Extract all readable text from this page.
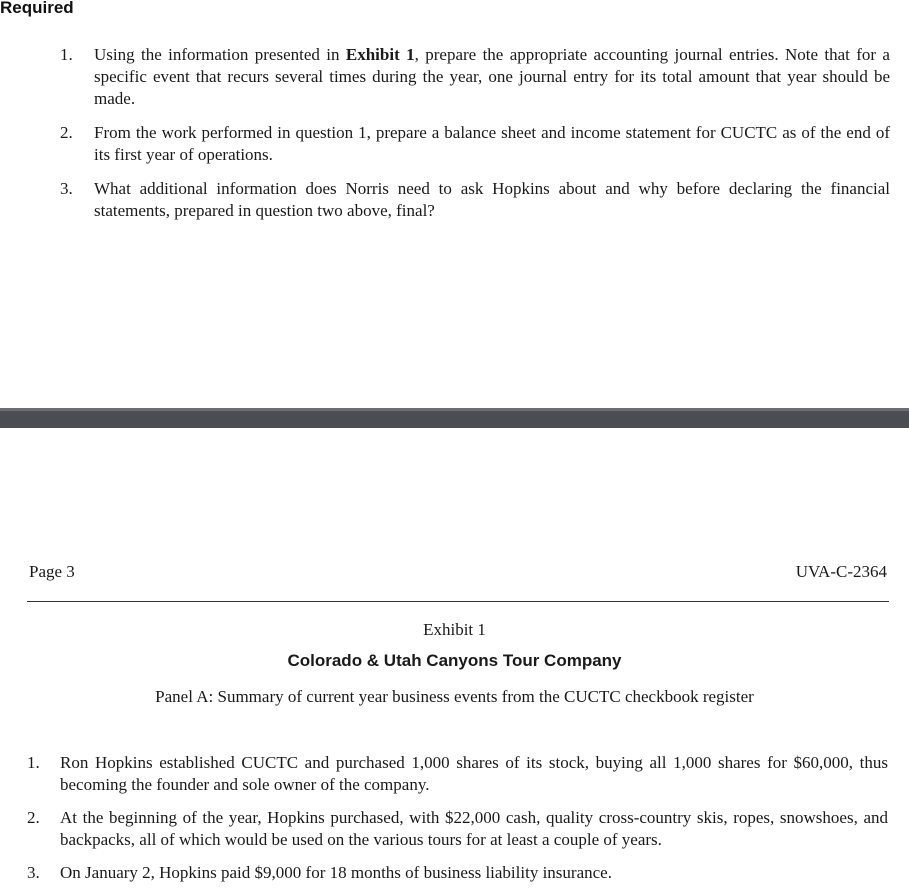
Required
1. Using the information presented in Exhibit 1, prepare the appropriate accounting journal entries. Note that for a specific event that recurs several times during the year, one journal entry for its total amount that year should be made.
2. From the work performed in question 1, prepare a balance sheet and income statement for CUCTC as of the end of its first year of operations.
3. What additional information does Norris need to ask Hopkins about and why before declaring the financial statements, prepared in question two above, final?
Page 3	UVA-C-2364
Exhibit 1
Colorado & Utah Canyons Tour Company
Panel A: Summary of current year business events from the CUCTC checkbook register
1. Ron Hopkins established CUCTC and purchased 1,000 shares of its stock, buying all 1,000 shares for $60,000, thus becoming the founder and sole owner of the company.
2. At the beginning of the year, Hopkins purchased, with $22,000 cash, quality cross-country skis, ropes, snowshoes, and backpacks, all of which would be used on the various tours for at least a couple of years.
3. On January 2, Hopkins paid $9,000 for 18 months of business liability insurance.
